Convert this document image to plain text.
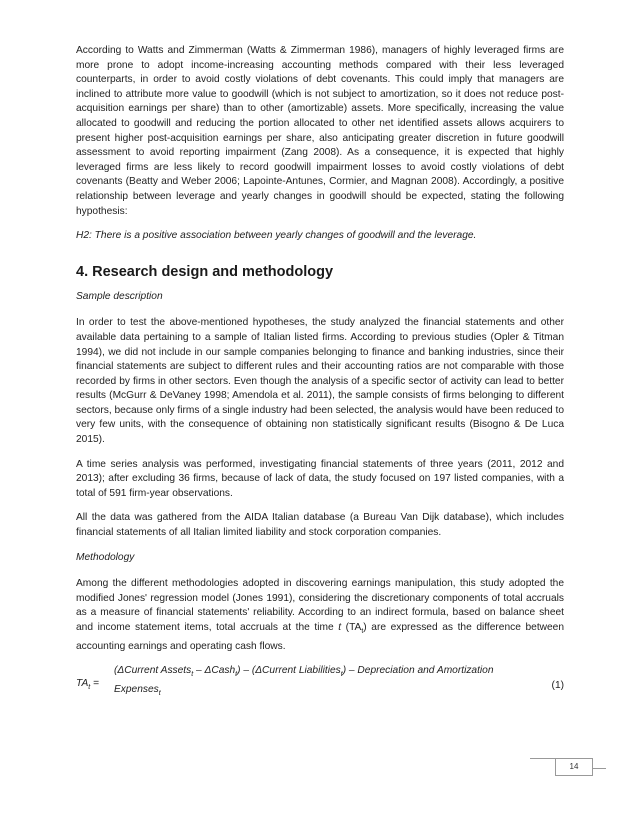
According to Watts and Zimmerman (Watts & Zimmerman 1986), managers of highly leveraged firms are more prone to adopt income-increasing accounting methods compared with their less leveraged counterparts, in order to avoid costly violations of debt covenants. This could imply that managers are inclined to attribute more value to goodwill (which is not subject to amortization, so it does not reduce post-acquisition earnings per share) than to other (amortizable) assets. More specifically, increasing the value allocated to goodwill and reducing the portion allocated to other net identified assets allows acquirers to present higher post-acquisition earnings per share, also anticipating greater discretion in future goodwill assessment to avoid reporting impairment (Zang 2008). As a consequence, it is expected that highly leveraged firms are less likely to record goodwill impairment losses to avoid costly violations of debt covenants (Beatty and Weber 2006; Lapointe-Antunes, Cormier, and Magnan 2008). Accordingly, a positive relationship between leverage and yearly changes in goodwill should be expected, stating the following hypothesis:

H2: There is a positive association between yearly changes of goodwill and the leverage.

4. Research design and methodology

Sample description

In order to test the above-mentioned hypotheses, the study analyzed the financial statements and other available data pertaining to a sample of Italian listed firms. According to previous studies (Opler & Titman 1994), we did not include in our sample companies belonging to finance and banking industries, since their financial statements are subject to different rules and their accounting ratios are not comparable with those recorded by firms in other sectors. Even though the analysis of a specific sector of activity can lead to better results (McGurr & DeVaney 1998; Amendola et al. 2011), the sample consists of firms belonging to different sectors, because only firms of a single industry had been selected, the analysis would have been reduced to very few units, with the consequence of obtaining non statistically significant results (Bisogno & De Luca 2015).

A time series analysis was performed, investigating financial statements of three years (2011, 2012 and 2013); after excluding 36 firms, because of lack of data, the study focused on 197 listed companies, with a total of 591 firm-year observations.

All the data was gathered from the AIDA Italian database (a Bureau Van Dijk database), which includes financial statements of all Italian limited liability and stock corporation companies.

Methodology

Among the different methodologies adopted in discovering earnings manipulation, this study adopted the modified Jones' regression model (Jones 1991), considering the discretionary components of total accruals as a measure of financial statements' reliability. According to an indirect formula, based on balance sheet and income statement items, total accruals at the time t $(TA_t)$ are expressed as the difference between accounting earnings and operating cash flows.

$TA_t$ =
(ΔCurrent Assets$_t$ – ΔCash$_t$) – (ΔCurrent Liabilities$_t$) – Depreciation and Amortization
Expenses$_t$
(1)
14
